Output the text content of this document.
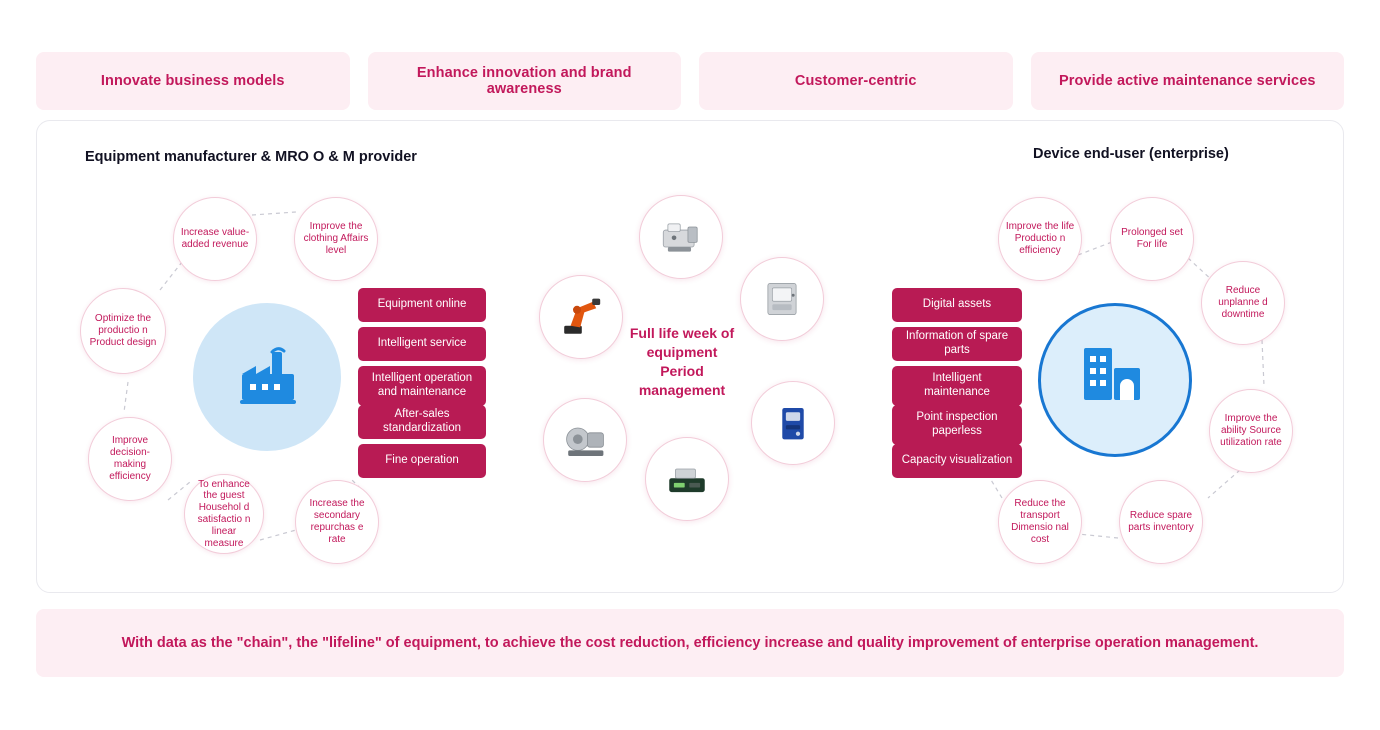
Innovate business models	Enhance innovation and brand awareness	Customer-centric	Provide active maintenance services
Equipment manufacturer & MRO O & M provider	Device end-user (enterprise)
Increase value-added revenue
Improve the clothing Affairs level
Optimize the productio n Product design
Improve decision-making efficiency
To enhance the guest Househol d satisfactio n linear measure
Increase the secondary repurchas e rate
Equipment online
Intelligent service
Intelligent operation and maintenance
After-sales standardization
Fine operation
Full life week of
equipment
Period
management
Improve the life Productio n efficiency
Prolonged set For life
Reduce unplanne d downtime
Improve the ability Source utilization rate
Reduce spare parts inventory
Reduce the transport Dimensio nal cost
Digital assets
Information of spare parts
Intelligent maintenance
Point inspection paperless
Capacity visualization
With data as the "chain", the "lifeline" of equipment, to achieve the cost reduction, efficiency increase and quality improvement of enterprise operation management.
